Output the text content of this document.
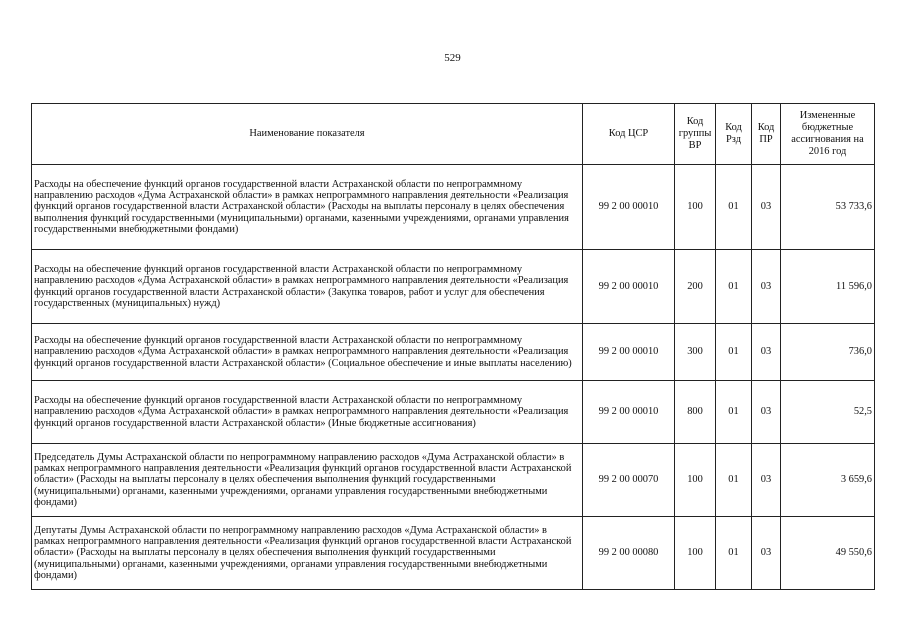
529
Наименование показателя	Код ЦСР	Код группы ВР	Код Рзд	Код ПР	Измененные бюджетные ассигнования на 2016 год
Расходы на обеспечение функций органов государственной власти Астраханской области по непрограммному направлению расходов «Дума Астраханской области» в рамках непрограммного направления деятельности «Реализация функций органов государственной власти Астраханской области» (Расходы на выплаты персоналу в целях обеспечения выполнения функций государственными (муниципальными) органами, казенными учреждениями, органами управления государственными внебюджетными фондами)	99 2 00 00010	100	01	03	53 733,6
Расходы на обеспечение функций органов государственной власти Астраханской области по непрограммному направлению расходов «Дума Астраханской области» в рамках непрограммного направления деятельности «Реализация функций органов государственной власти Астраханской области» (Закупка товаров, работ и услуг для обеспечения государственных (муниципальных) нужд)	99 2 00 00010	200	01	03	11 596,0
Расходы на обеспечение функций органов государственной власти Астраханской области по непрограммному направлению расходов «Дума Астраханской области» в рамках непрограммного направления деятельности «Реализация функций органов государственной власти Астраханской области» (Социальное обеспечение и иные выплаты населению)	99 2 00 00010	300	01	03	736,0
Расходы на обеспечение функций органов государственной власти Астраханской области по непрограммному направлению расходов «Дума Астраханской области» в рамках непрограммного направления деятельности «Реализация функций органов государственной власти Астраханской области» (Иные бюджетные ассигнования)	99 2 00 00010	800	01	03	52,5
Председатель Думы Астраханской области по непрограммному направлению расходов «Дума Астраханской области» в рамках непрограммного направления деятельности «Реализация функций органов государственной власти Астраханской области» (Расходы на выплаты персоналу в целях обеспечения выполнения функций государственными (муниципальными) органами, казенными учреждениями, органами управления государственными внебюджетными фондами)	99 2 00 00070	100	01	03	3 659,6
Депутаты Думы Астраханской области по непрограммному направлению расходов «Дума Астраханской области» в рамках непрограммного направления деятельности «Реализация функций органов государственной власти Астраханской области» (Расходы на выплаты персоналу в целях обеспечения выполнения функций государственными (муниципальными) органами, казенными учреждениями, органами управления государственными внебюджетными фондами)	99 2 00 00080	100	01	03	49 550,6
